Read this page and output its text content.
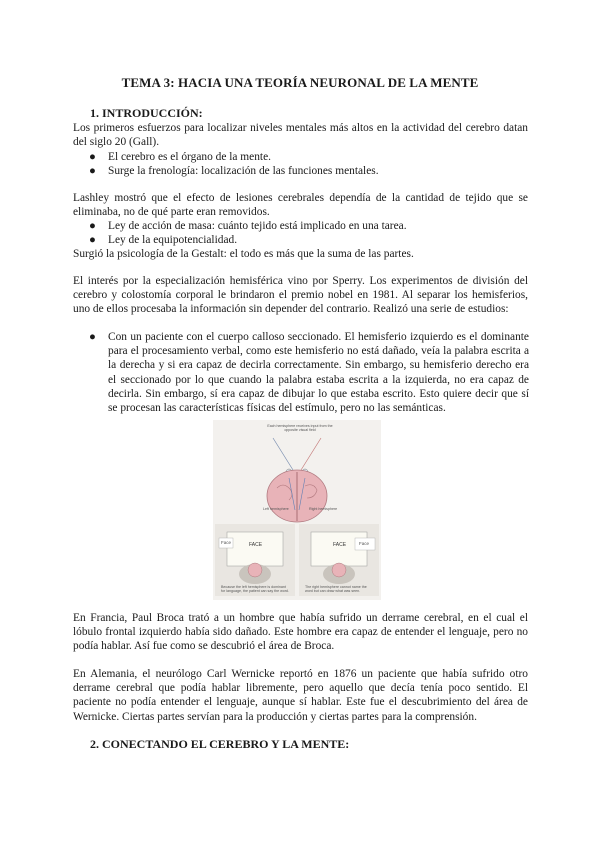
TEMA 3: HACIA UNA TEORÍA NEURONAL DE LA MENTE
1. INTRODUCCIÓN:

Los primeros esfuerzos para localizar niveles mentales más altos en la actividad del cerebro datan del siglo 20 (Gall).

● El cerebro es el órgano de la mente.

● Surge la frenología: localización de las funciones mentales.

Lashley mostró que el efecto de lesiones cerebrales dependía de la cantidad de tejido que se eliminaba, no de qué parte eran removidos.

● Ley de acción de masa: cuánto tejido está implicado en una tarea.

● Ley de la equipotencialidad.

Surgió la psicología de la Gestalt: el todo es más que la suma de las partes.

El interés por la especialización hemisférica vino por Sperry. Los experimentos de división del cerebro y colostomía corporal le brindaron el premio nobel en 1981. Al separar los hemisferios, uno de ellos procesaba la información sin depender del contrario. Realizó una serie de estudios:

● Con un paciente con el cuerpo calloso seccionado. El hemisferio izquierdo es el dominante para el procesamiento verbal, como este hemisferio no está dañado, veía la palabra escrita a la derecha y si era capaz de decirla correctamente. Sin embargo, su hemisferio derecho era el seccionado por lo que cuando la palabra estaba escrita a la izquierda, no era capaz de decirla. Sin embargo, sí era capaz de dibujar lo que estaba escrito. Esto quiere decir que sí se procesan las características físicas del estímulo, pero no las semánticas.

Each hemisphere receives input from the opposite visual field
Left hemisphere	Right hemisphere
FACE	FACE
Face	Face
Because the left hemisphere is dominant for language, the patient can say the word.
The right hemisphere cannot name the word but can draw what was seen.

En Francia, Paul Broca trató a un hombre que había sufrido un derrame cerebral, en el cual el lóbulo frontal izquierdo había sido dañado. Este hombre era capaz de entender el lenguaje, pero no podía hablar. Así fue como se descubrió el área de Broca.

En Alemania, el neurólogo Carl Wernicke reportó en 1876 un paciente que había sufrido otro derrame cerebral que podía hablar libremente, pero aquello que decía tenía poco sentido. El paciente no podía entender el lenguaje, aunque sí hablar. Este fue el descubrimiento del área de Wernicke. Ciertas partes servían para la producción y ciertas partes para la comprensión.

2. CONECTANDO EL CEREBRO Y LA MENTE:
